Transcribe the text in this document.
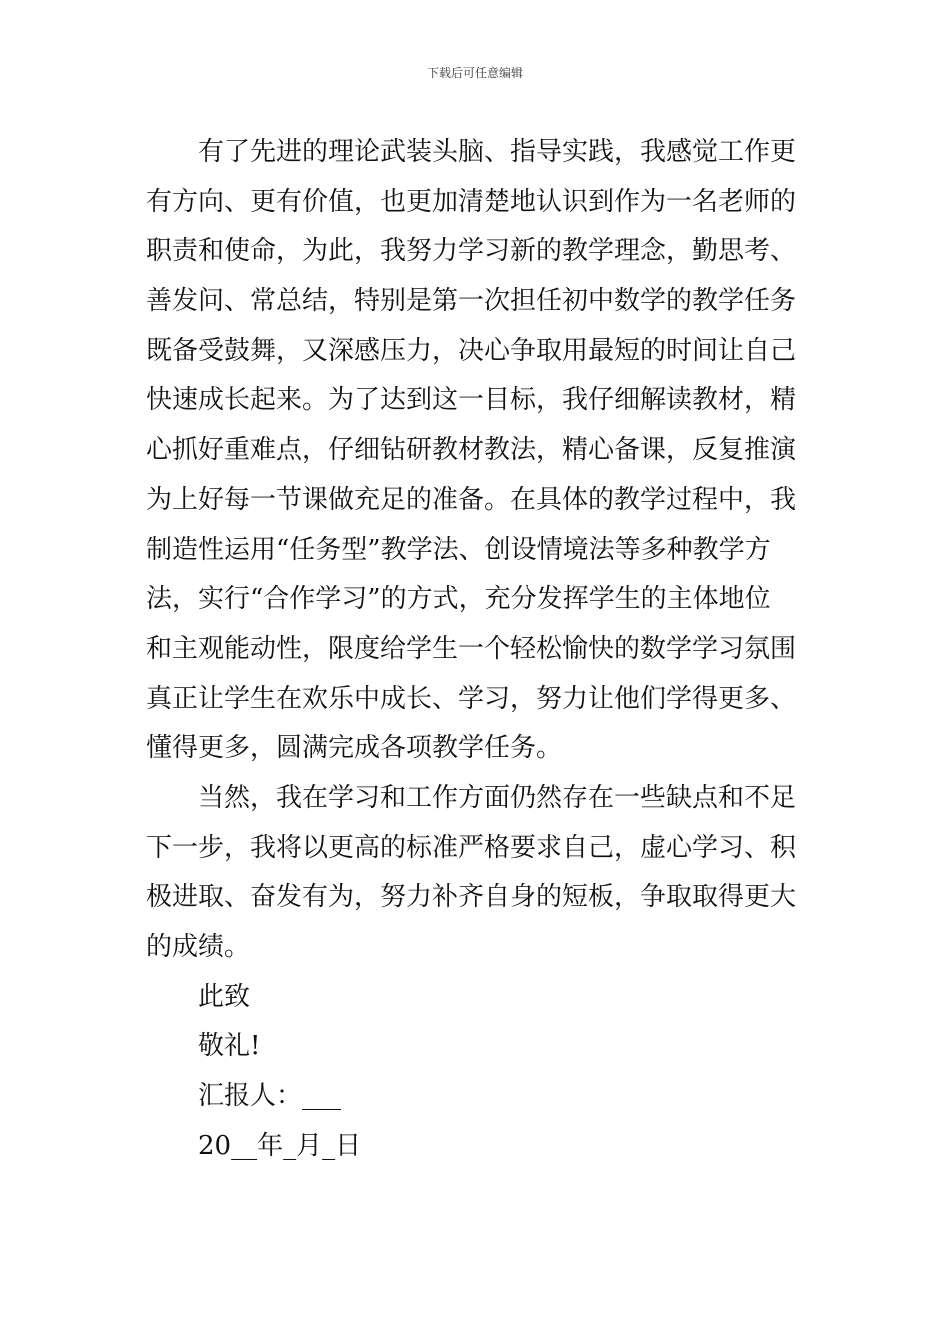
下载后可任意编辑
有了先进的理论武装头脑、指导实践，我感觉工作更
有方向、更有价值，也更加清楚地认识到作为一名老师的
职责和使命，为此，我努力学习新的教学理念，勤思考、
善发问、常总结，特别是第一次担任初中数学的教学任务
既备受鼓舞，又深感压力，决心争取用最短的时间让自己
快速成长起来。为了达到这一目标，我仔细解读教材，精
心抓好重难点，仔细钻研教材教法，精心备课，反复推演
为上好每一节课做充足的准备。在具体的教学过程中，我
制造性运用“任务型”教学法、创设情境法等多种教学方
法，实行“合作学习”的方式，充分发挥学生的主体地位
和主观能动性，限度给学生一个轻松愉快的数学学习氛围
真正让学生在欢乐中成长、学习，努力让他们学得更多、
懂得更多，圆满完成各项教学任务。
当然，我在学习和工作方面仍然存在一些缺点和不足
下一步，我将以更高的标准严格要求自己，虚心学习、积
极进取、奋发有为，努力补齐自身的短板，争取取得更大
的成绩。
此致
敬礼!
汇报人：___
20__年_月_日
